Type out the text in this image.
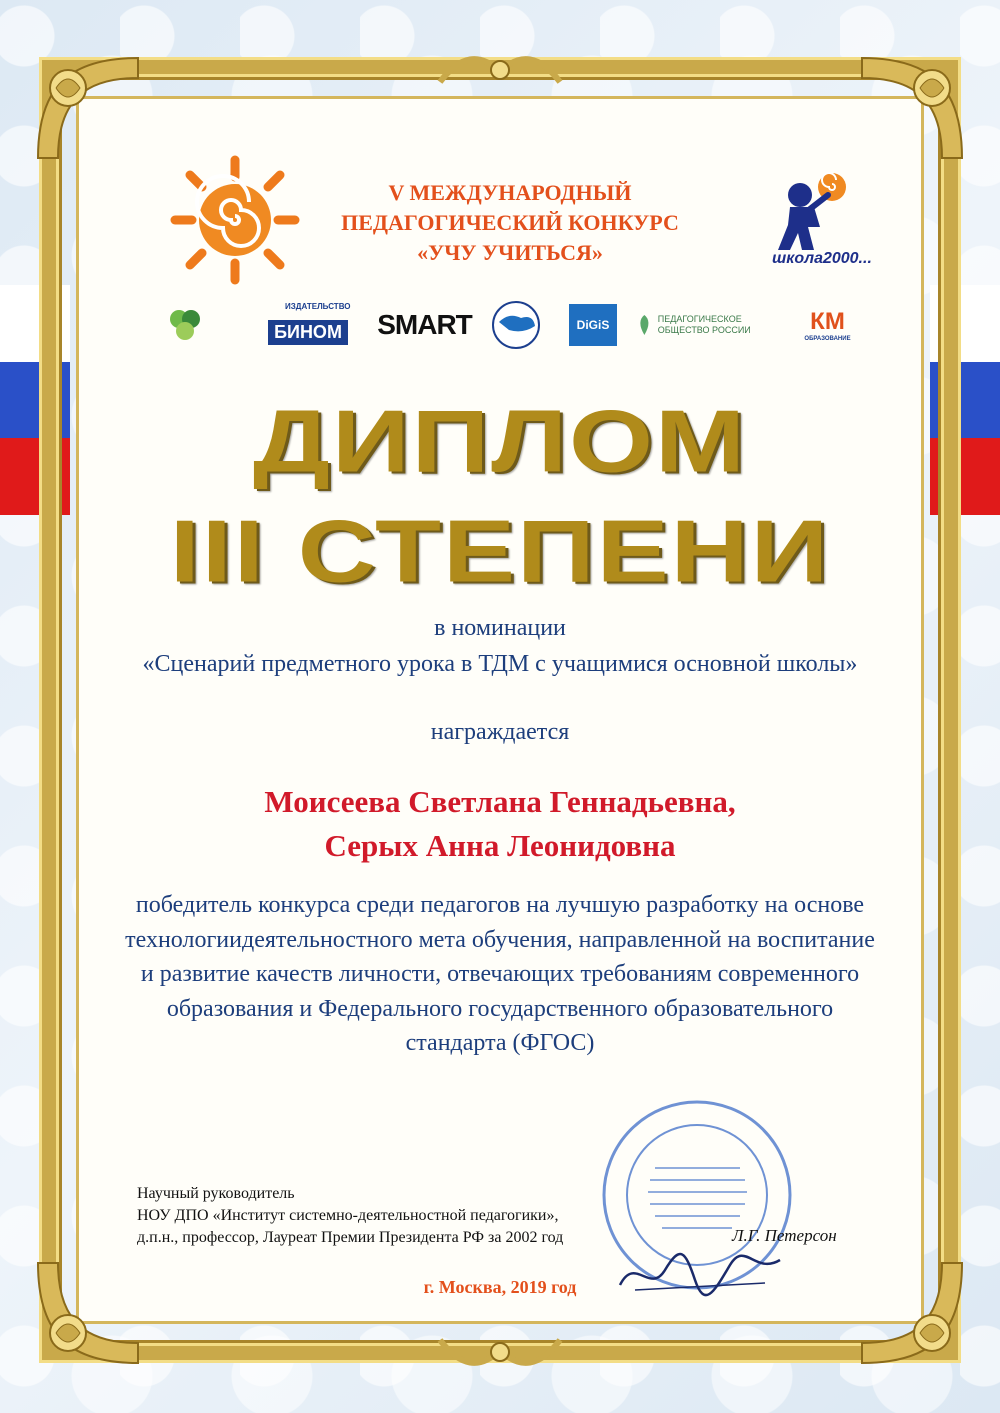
V МЕЖДУНАРОДНЫЙ
ПЕДАГОГИЧЕСКИЙ КОНКУРС
«УЧУ УЧИТЬСЯ»	школа2000...
ИЗДАТЕЛЬСТВО
БИНОМ SMART	DiGiS	ПЕДАГОГИЧЕСКОЕ ОБЩЕСТВО РОССИИ	КМ
ОБРАЗОВАНИЕ
ДИПЛОМ
III СТЕПЕНИ
в номинации
«Сценарий предметного урока в ТДМ с учащимися основной школы»
награждается
Моисеева Светлана Геннадьевна,
Серых Анна Леонидовна
победитель конкурса среди педагогов на лучшую разработку на основе технологиидеятельностного мета обучения, направленной на воспитание и развитие качеств личности, отвечающих требованиям современного образования и Федерального государственного образовательного стандарта (ФГОС)
Научный руководитель
НОУ ДПО «Институт системно-деятельностной педагогики»,
д.п.н., профессор, Лауреат Премии Президента РФ за 2002 год	Л.Г. Петерсон
г. Москва, 2019 год
